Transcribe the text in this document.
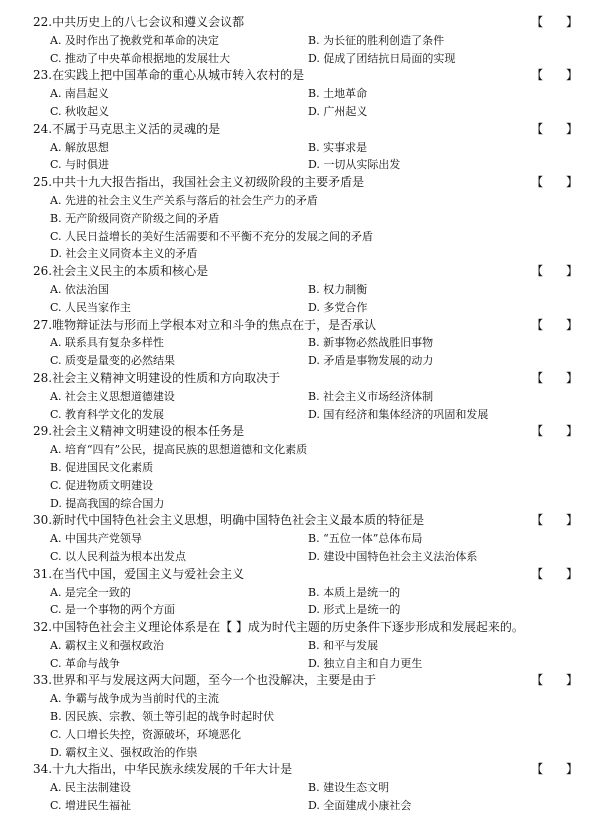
22.中共历史上的八七会议和遵义会议都	【      】
A. 及时作出了挽救党和革命的决定	B. 为长征的胜利创造了条件
C. 推动了中央革命根据地的发展壮大	D. 促成了团结抗日局面的实现
23.在实践上把中国革命的重心从城市转入农村的是	【      】
A. 南昌起义	B. 土地革命
C. 秋收起义	D. 广州起义
24.不属于马克思主义活的灵魂的是	【      】
A. 解放思想	B. 实事求是
C. 与时俱进	D. 一切从实际出发
25.中共十九大报告指出，我国社会主义初级阶段的主要矛盾是	【      】
A. 先进的社会主义生产关系与落后的社会生产力的矛盾
B. 无产阶级同资产阶级之间的矛盾
C. 人民日益增长的美好生活需要和不平衡不充分的发展之间的矛盾
D. 社会主义同资本主义的矛盾
26.社会主义民主的本质和核心是	【      】
A. 依法治国	B. 权力制衡
C. 人民当家作主	D. 多党合作
27.唯物辩证法与形而上学根本对立和斗争的焦点在于，是否承认	【      】
A. 联系具有复杂多样性	B. 新事物必然战胜旧事物
C. 质变是量变的必然结果	D. 矛盾是事物发展的动力
28.社会主义精神文明建设的性质和方向取决于	【      】
A. 社会主义思想道德建设	B. 社会主义市场经济体制
C. 教育科学文化的发展	D. 国有经济和集体经济的巩固和发展
29.社会主义精神文明建设的根本任务是	【      】
A. 培育“四有”公民，提高民族的思想道德和文化素质
B. 促进国民文化素质
C. 促进物质文明建设
D. 提高我国的综合国力
30.新时代中国特色社会主义思想，明确中国特色社会主义最本质的特征是	【      】
A. 中国共产党领导	B. “五位一体”总体布局
C. 以人民利益为根本出发点	D. 建设中国特色社会主义法治体系
31.在当代中国，爱国主义与爱社会主义	【      】
A. 是完全一致的	B. 本质上是统一的
C. 是一个事物的两个方面	D. 形式上是统一的
32.中国特色社会主义理论体系是在【 】成为时代主题的历史条件下逐步形成和发展起来的。
A. 霸权主义和强权政治	B. 和平与发展
C. 革命与战争	D. 独立自主和自力更生
33.世界和平与发展这两大问题，至今一个也没解决，主要是由于	【      】
A. 争霸与战争成为当前时代的主流
B. 因民族、宗教、领土等引起的战争时起时伏
C. 人口增长失控，资源破坏，环境恶化
D. 霸权主义、强权政治的作祟
34.十九大指出，中华民族永续发展的千年大计是	【      】
A. 民主法制建设	B. 建设生态文明
C. 增进民生福祉	D. 全面建成小康社会
